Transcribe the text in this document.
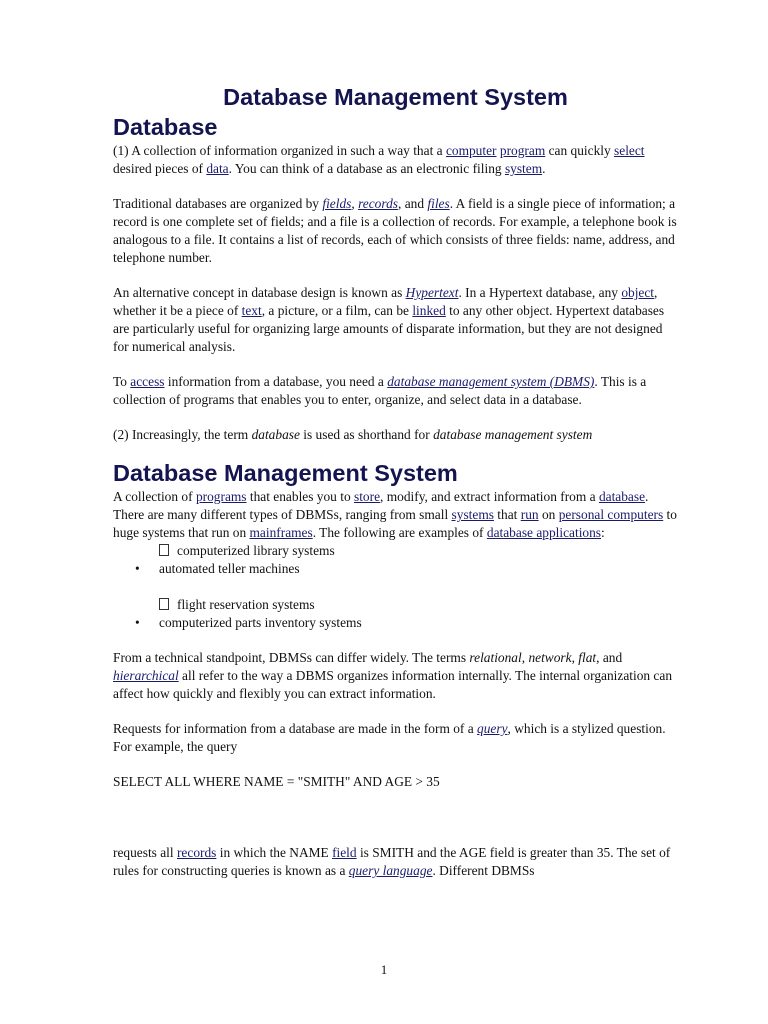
Database Management System
Database

(1) A collection of information organized in such a way that a computer program can quickly select desired pieces of data. You can think of a database as an electronic filing system.

Traditional databases are organized by fields, records, and files. A field is a single piece of information; a record is one complete set of fields; and a file is a collection of records. For example, a telephone book is analogous to a file. It contains a list of records, each of which consists of three fields: name, address, and telephone number.

An alternative concept in database design is known as Hypertext. In a Hypertext database, any object, whether it be a piece of text, a picture, or a film, can be linked to any other object. Hypertext databases are particularly useful for organizing large amounts of disparate information, but they are not designed for numerical analysis.

To access information from a database, you need a database management system (DBMS). This is a collection of programs that enables you to enter, organize, and select data in a database.

(2) Increasingly, the term database is used as shorthand for database management system

Database Management System

A collection of programs that enables you to store, modify, and extract information from a database. There are many different types of DBMSs, ranging from small systems that run on personal computers to huge systems that run on mainframes. The following are examples of database applications:

computerized library systems
• automated teller machines
flight reservation systems
• computerized parts inventory systems

From a technical standpoint, DBMSs can differ widely. The terms relational, network, flat, and hierarchical all refer to the way a DBMS organizes information internally. The internal organization can affect how quickly and flexibly you can extract information.

Requests for information from a database are made in the form of a query, which is a stylized question. For example, the query

SELECT ALL WHERE NAME = "SMITH" AND AGE > 35

requests all records in which the NAME field is SMITH and the AGE field is greater than 35. The set of rules for constructing queries is known as a query language. Different DBMSs

1
